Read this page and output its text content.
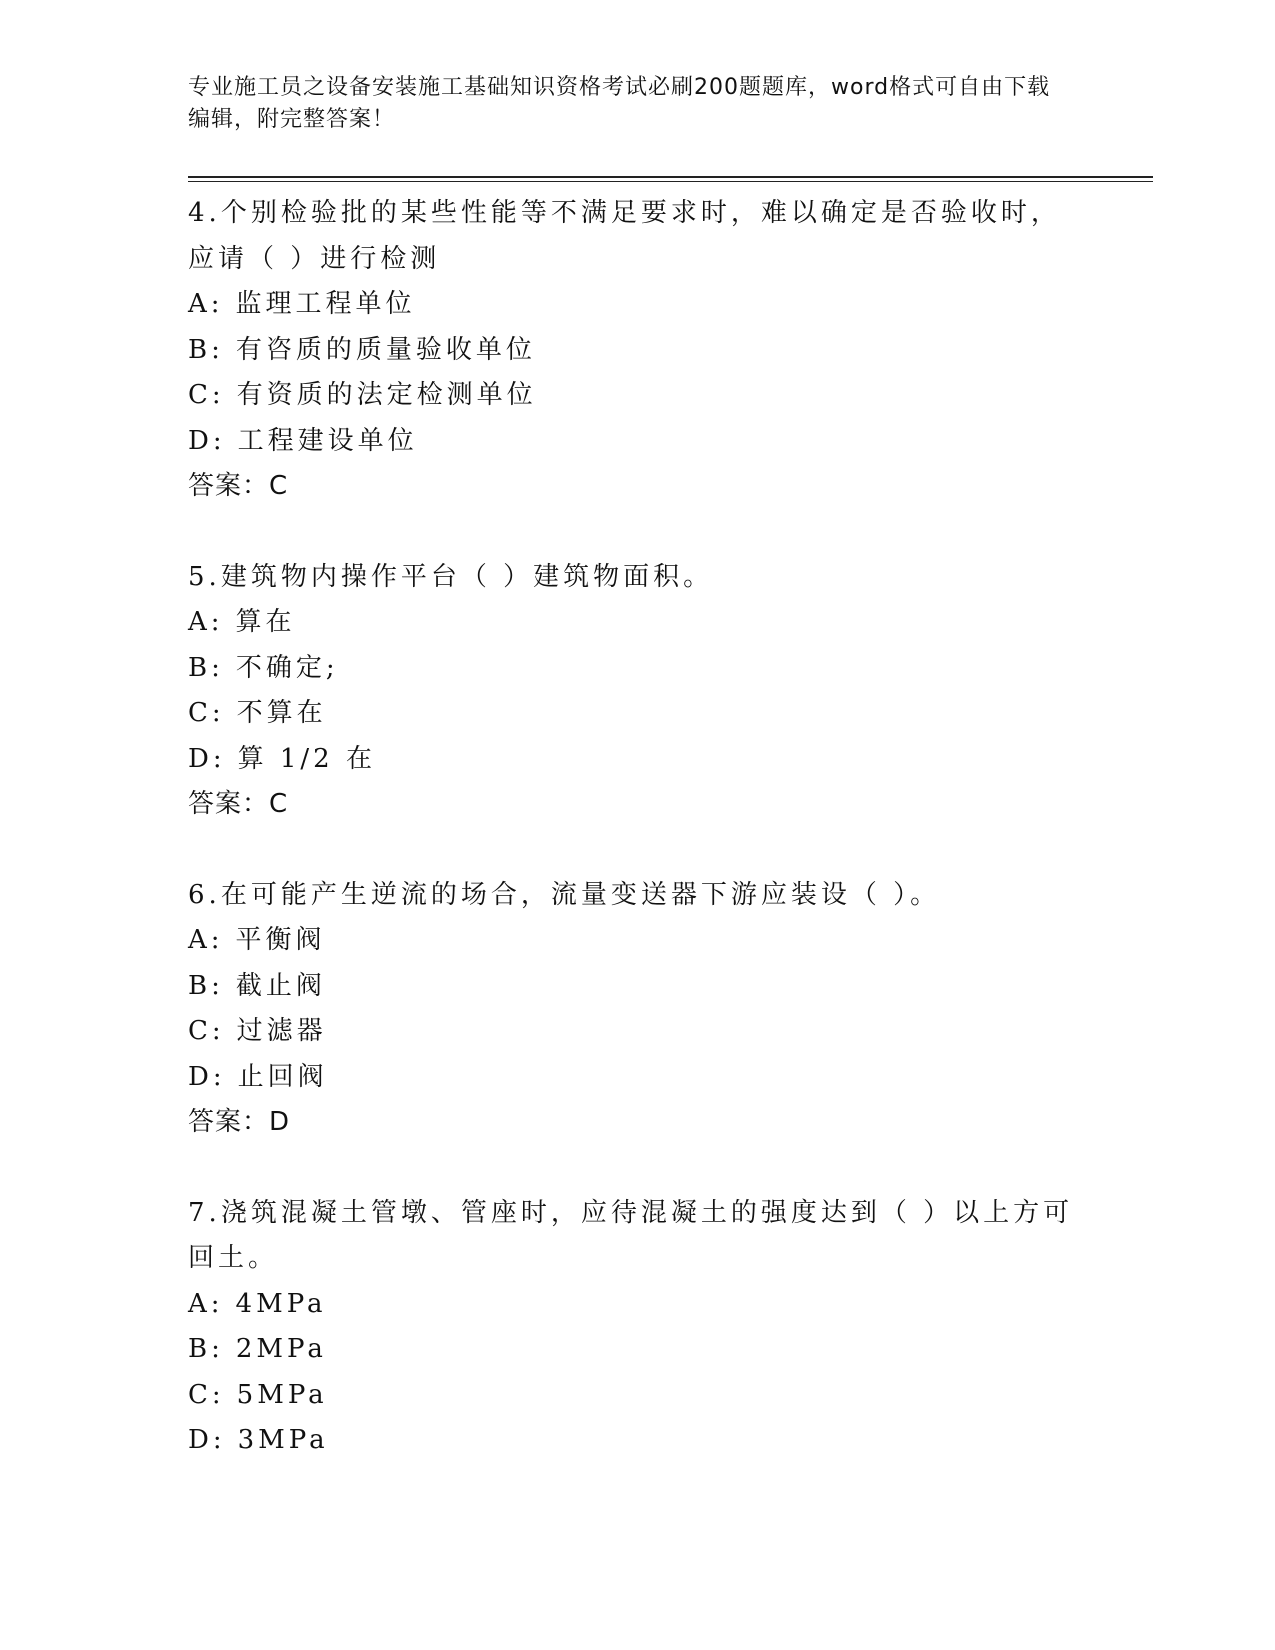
专业施工员之设备安装施工基础知识资格考试必刷200题题库，word格式可自由下载编辑，附完整答案！

4.个别检验批的某些性能等不满足要求时，难以确定是否验收时，应请（ ）进行检测

A: 监理工程单位

B: 有咨质的质量验收单位

C: 有资质的法定检测单位

D: 工程建设单位

答案：C

5.建筑物内操作平台（ ）建筑物面积。

A: 算在

B: 不确定;

C: 不算在

D: 算 1/2 在

答案：C

6.在可能产生逆流的场合，流量变送器下游应装设（ ）。

A: 平衡阀

B: 截止阀

C: 过滤器

D: 止回阀

答案：D

7.浇筑混凝土管墩、管座时，应待混凝土的强度达到（ ）以上方可回土。

A: 4MPa

B: 2MPa

C: 5MPa

D: 3MPa
